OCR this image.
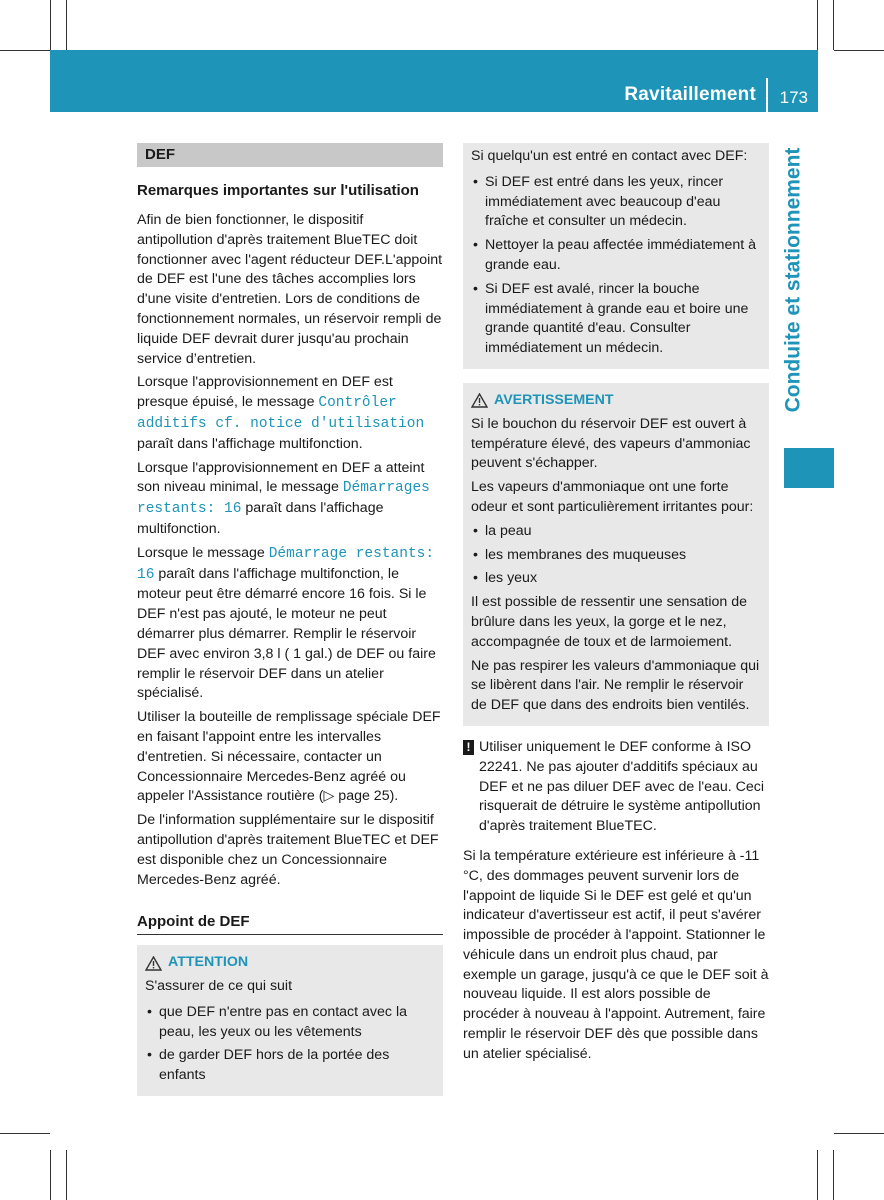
Ravitaillement 173
Conduite et stationnement
DEF
Remarques importantes sur l'utilisation

Afin de bien fonctionner, le dispositif antipollution d'après traitement BlueTEC doit fonctionner avec l'agent réducteur DEF.L'appoint de DEF est l'une des tâches accomplies lors d'une visite d'entretien. Lors de conditions de fonctionnement normales, un réservoir rempli de liquide DEF devrait durer jusqu'au prochain service d’entretien.

Lorsque l'approvisionnement en DEF est presque épuisé, le message Contrôler additifs cf. notice d'utilisation paraît dans l'affichage multifonction.

Lorsque l'approvisionnement en DEF a atteint son niveau minimal, le message Démarrages restants: 16 paraît dans l'affichage multifonction.

Lorsque le message Démarrage restants: 16 paraît dans l'affichage multifonction, le moteur peut être démarré encore 16 fois. Si le DEF n'est pas ajouté, le moteur ne peut démarrer plus démarrer. Remplir le réservoir DEF avec environ 3,8 l ( 1 gal.) de DEF ou faire remplir le réservoir DEF dans un atelier spécialisé.

Utiliser la bouteille de remplissage spéciale DEF en faisant l'appoint entre les intervalles d'entretien. Si nécessaire, contacter un Concessionnaire Mercedes-Benz agréé ou appeler l'Assistance routière (▷ page 25).

De l'information supplémentaire sur le dispositif antipollution d'après traitement BlueTEC et DEF est disponible chez un Concessionnaire Mercedes-Benz agréé.

Appoint de DEF
ATTENTION

S'assurer de ce qui suit

• que DEF n'entre pas en contact avec la peau, les yeux ou les vêtements
• de garder DEF hors de la portée des enfants

Si quelqu'un est entré en contact avec DEF:

• Si DEF est entré dans les yeux, rincer immédiatement avec beaucoup d'eau fraîche et consulter un médecin.
• Nettoyer la peau affectée immédiatement à grande eau.
• Si DEF est avalé, rincer la bouche immédiatement à grande eau et boire une grande quantité d'eau. Consulter immédiatement un médecin.
AVERTISSEMENT

Si le bouchon du réservoir DEF est ouvert à température élevé, des vapeurs d'ammoniac peuvent s'échapper.

Les vapeurs d'ammoniaque ont une forte odeur et sont particulièrement irritantes pour:

• la peau
• les membranes des muqueuses
• les yeux

Il est possible de ressentir une sensation de brûlure dans les yeux, la gorge et le nez, accompagnée de toux et de larmoiement.

Ne pas respirer les valeurs d'ammoniaque qui se libèrent dans l'air. Ne remplir le réservoir de DEF que dans des endroits bien ventilés.

! Utiliser uniquement le DEF conforme à ISO 22241. Ne pas ajouter d'additifs spéciaux au DEF et ne pas diluer DEF avec de l'eau. Ceci risquerait de détruire le système antipollution d'après traitement BlueTEC.

Si la température extérieure est inférieure à -11 °C, des dommages peuvent survenir lors de l'appoint de liquide Si le DEF est gelé et qu'un indicateur d'avertisseur est actif, il peut s'avérer impossible de procéder à l'appoint. Stationner le véhicule dans un endroit plus chaud, par exemple un garage, jusqu'à ce que le DEF soit à nouveau liquide. Il est alors possible de procéder à nouveau à l'appoint. Autrement, faire remplir le réservoir DEF dès que possible dans un atelier spécialisé.
